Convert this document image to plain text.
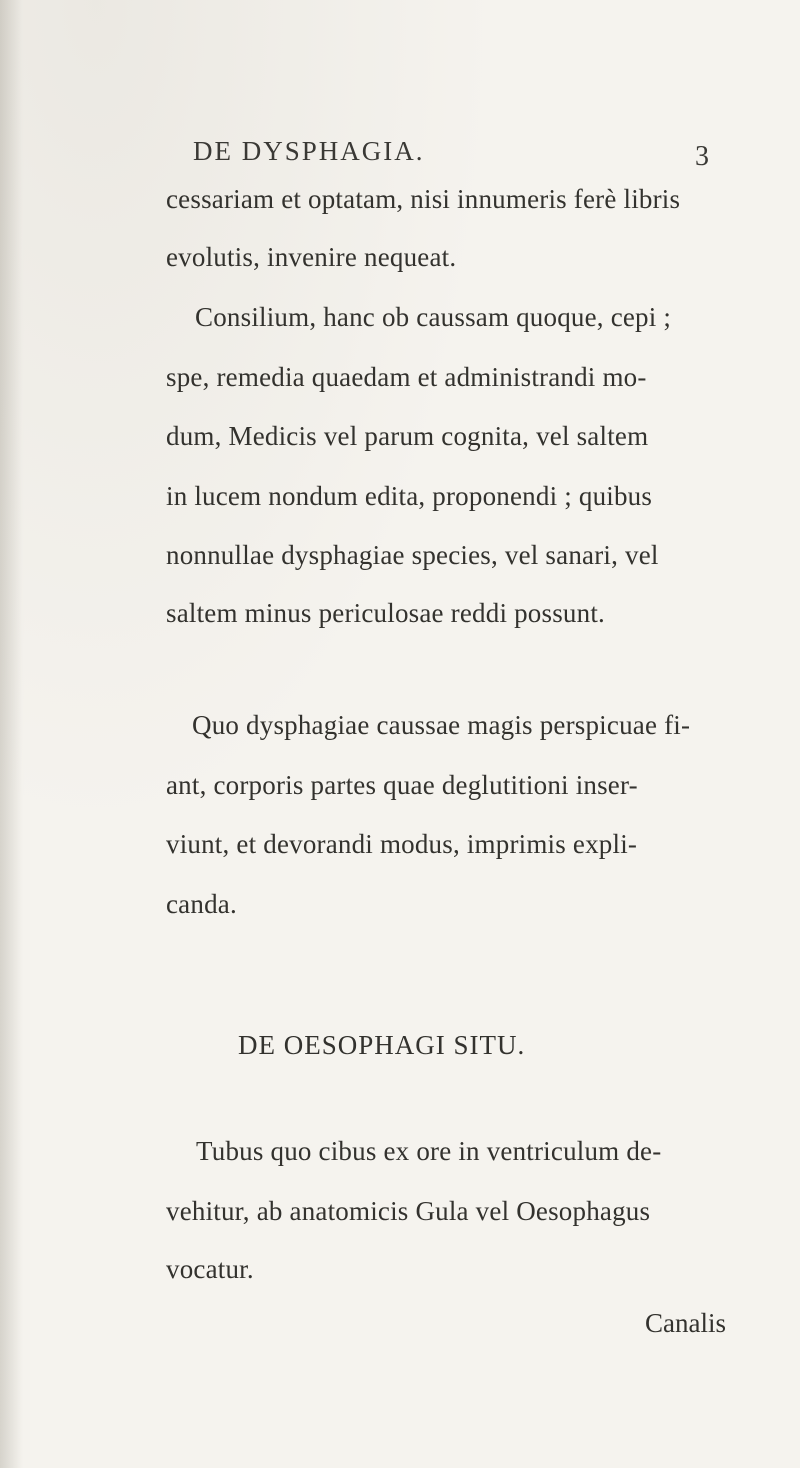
DE DYSPHAGIA.	3
cessariam et optatam, nisi innumeris ferè libris
evolutis, invenire nequeat.
Consilium, hanc ob caussam quoque, cepi ;
spe, remedia quaedam et administrandi mo-
dum, Medicis vel parum cognita, vel saltem
in lucem nondum edita, proponendi ; quibus
nonnullae dysphagiae species, vel sanari, vel
saltem minus periculosae reddi possunt.
Quo dysphagiae caussae magis perspicuae fi-
ant, corporis partes quae deglutitioni inser-
viunt, et devorandi modus, imprimis expli-
canda.
DE OESOPHAGI SITU.
Tubus quo cibus ex ore in ventriculum de-
vehitur, ab anatomicis Gula vel Oesophagus
vocatur.
Canalis
